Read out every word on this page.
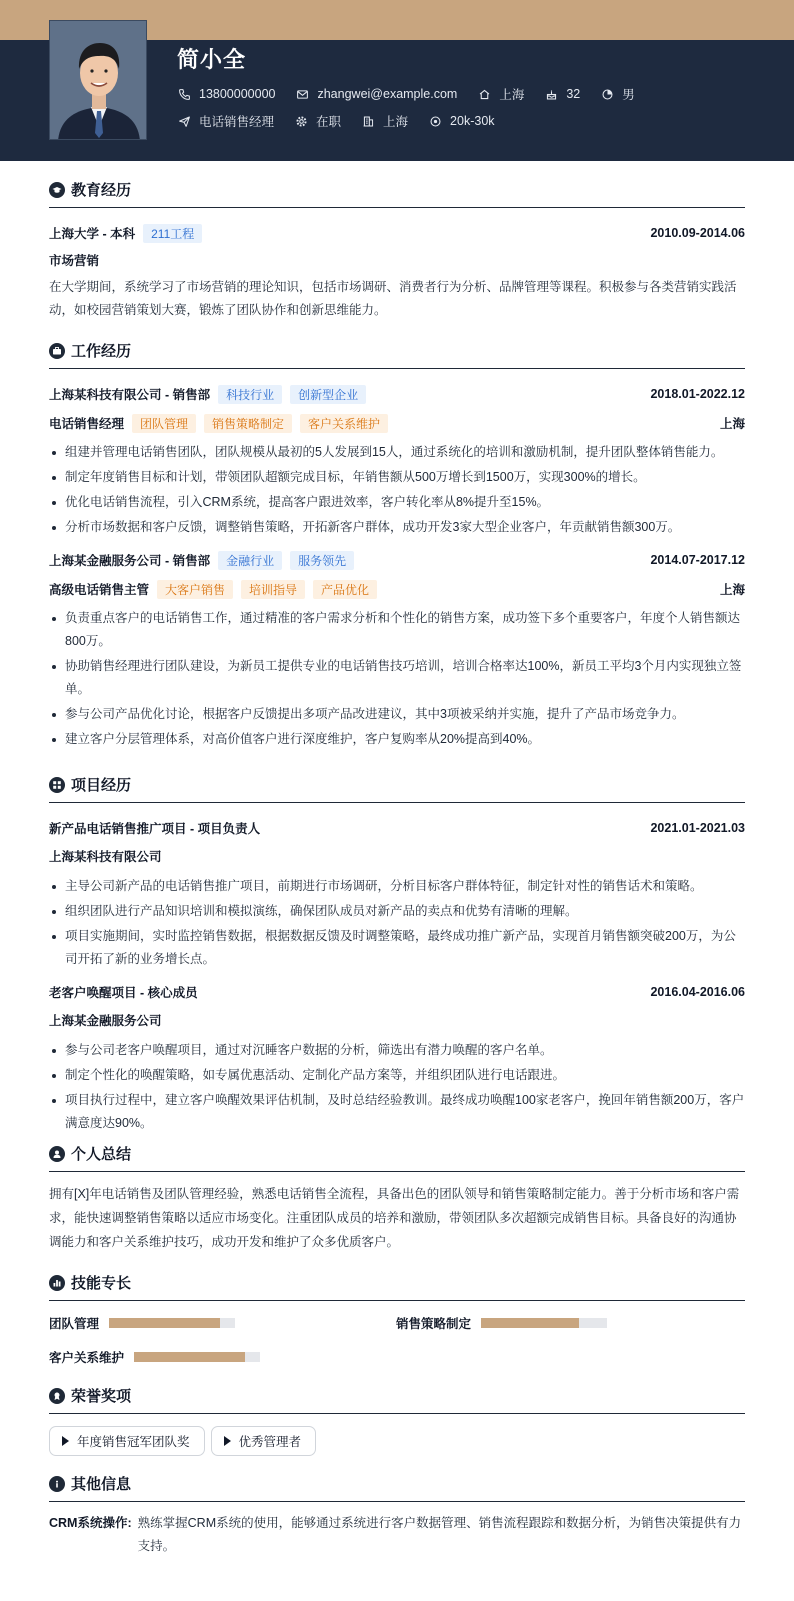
简小全
13800000000	zhangwei@example.com	上海	32	男
电话销售经理	在职	上海	20k-30k
教育经历
上海大学 - 本科	211工程	2010.09-2014.06
市场营销
在大学期间，系统学习了市场营销的理论知识，包括市场调研、消费者行为分析、品牌管理等课程。积极参与各类营销实践活动，如校园营销策划大赛，锻炼了团队协作和创新思维能力。
工作经历
上海某科技有限公司 - 销售部	科技行业	创新型企业	2018.01-2022.12
电话销售经理	团队管理	销售策略制定	客户关系维护	上海
组建并管理电话销售团队，团队规模从最初的5人发展到15人，通过系统化的培训和激励机制，提升团队整体销售能力。
制定年度销售目标和计划，带领团队超额完成目标，年销售额从500万增长到1500万，实现300%的增长。
优化电话销售流程，引入CRM系统，提高客户跟进效率，客户转化率从8%提升至15%。
分析市场数据和客户反馈，调整销售策略，开拓新客户群体，成功开发3家大型企业客户，年贡献销售额300万。
上海某金融服务公司 - 销售部	金融行业	服务领先	2014.07-2017.12
高级电话销售主管	大客户销售	培训指导	产品优化	上海
负责重点客户的电话销售工作，通过精准的客户需求分析和个性化的销售方案，成功签下多个重要客户，年度个人销售额达800万。
协助销售经理进行团队建设，为新员工提供专业的电话销售技巧培训，培训合格率达100%，新员工平均3个月内实现独立签单。
参与公司产品优化讨论，根据客户反馈提出多项产品改进建议，其中3项被采纳并实施，提升了产品市场竞争力。
建立客户分层管理体系，对高价值客户进行深度维护，客户复购率从20%提高到40%。
项目经历
新产品电话销售推广项目 - 项目负责人	2021.01-2021.03
上海某科技有限公司
主导公司新产品的电话销售推广项目，前期进行市场调研，分析目标客户群体特征，制定针对性的销售话术和策略。
组织团队进行产品知识培训和模拟演练，确保团队成员对新产品的卖点和优势有清晰的理解。
项目实施期间，实时监控销售数据，根据数据反馈及时调整策略，最终成功推广新产品，实现首月销售额突破200万，为公司开拓了新的业务增长点。
老客户唤醒项目 - 核心成员	2016.04-2016.06
上海某金融服务公司
参与公司老客户唤醒项目，通过对沉睡客户数据的分析，筛选出有潜力唤醒的客户名单。
制定个性化的唤醒策略，如专属优惠活动、定制化产品方案等，并组织团队进行电话跟进。
项目执行过程中，建立客户唤醒效果评估机制，及时总结经验教训。最终成功唤醒100家老客户，挽回年销售额200万，客户满意度达90%。
个人总结
拥有[X]年电话销售及团队管理经验，熟悉电话销售全流程，具备出色的团队领导和销售策略制定能力。善于分析市场和客户需求，能快速调整销售策略以适应市场变化。注重团队成员的培养和激励，带领团队多次超额完成销售目标。具备良好的沟通协调能力和客户关系维护技巧，成功开发和维护了众多优质客户。
技能专长
团队管理	销售策略制定
客户关系维护
荣誉奖项
年度销售冠军团队奖	优秀管理者
其他信息
CRM系统操作: 熟练掌握CRM系统的使用，能够通过系统进行客户数据管理、销售流程跟踪和数据分析，为销售决策提供有力支持。
